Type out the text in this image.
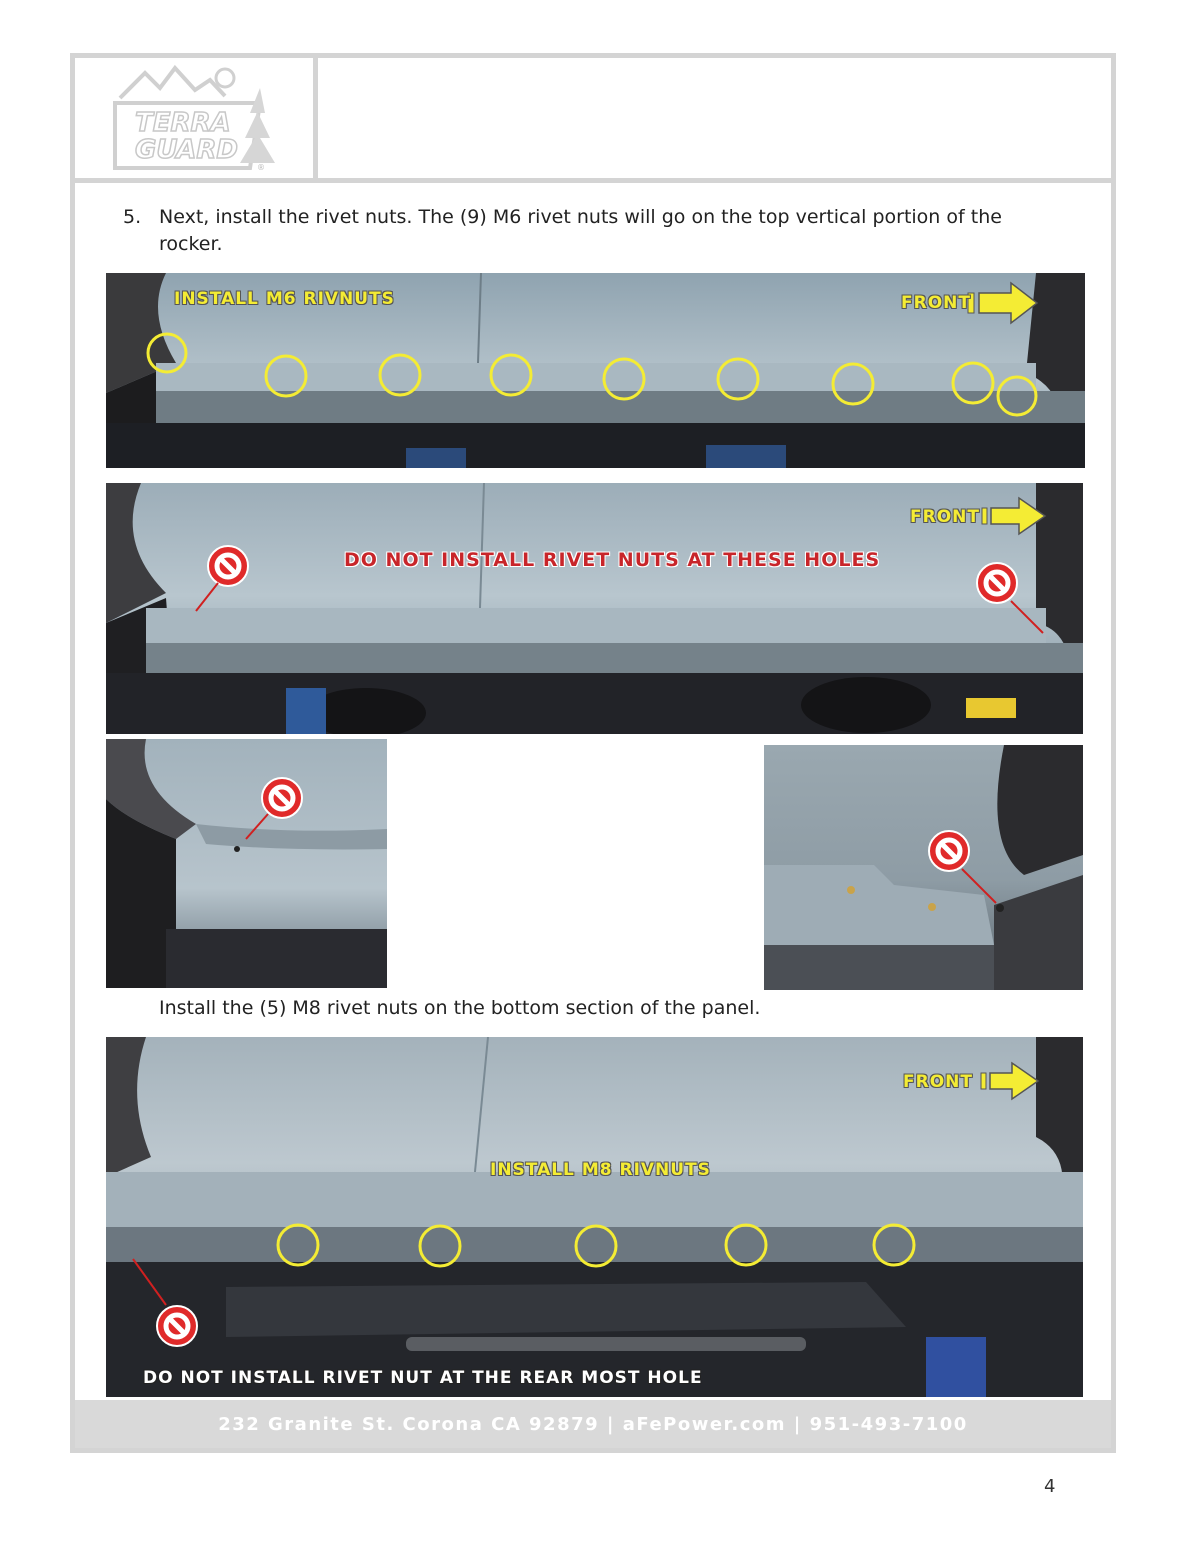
TERRA
GUARD
®
232 Granite St. Corona CA 92879 | aFePower.com | 951-493-7100
5. Next, install the rivet nuts. The (9) M6 rivet nuts will go on the top vertical portion of the rocker.
INSTALL M6 RIVNUTS	FRONT
DO NOT INSTALL RIVET NUTS AT THESE HOLES
FRONT
Install the (5) M8 rivet nuts on the bottom section of the panel.
INSTALL M8 RIVNUTS
FRONT
DO NOT INSTALL RIVET NUT AT THE REAR MOST HOLE
4
